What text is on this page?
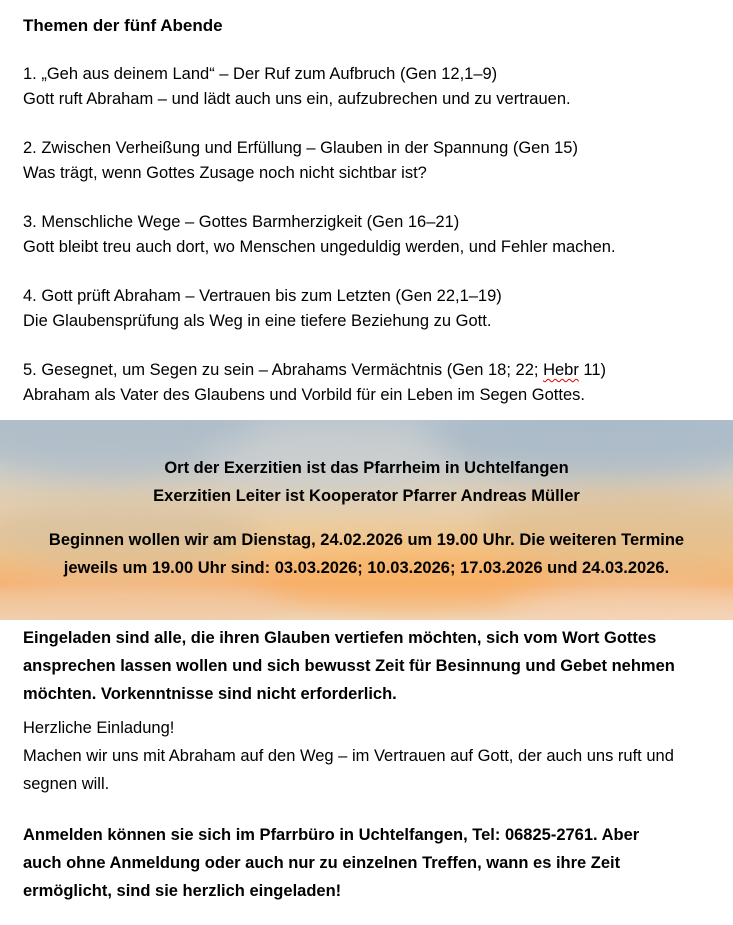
Themen der fünf Abende
1. „Geh aus deinem Land“ – Der Ruf zum Aufbruch (Gen 12,1–9)
Gott ruft Abraham – und lädt auch uns ein, aufzubrechen und zu vertrauen.
2. Zwischen Verheißung und Erfüllung – Glauben in der Spannung (Gen 15)
Was trägt, wenn Gottes Zusage noch nicht sichtbar ist?
3. Menschliche Wege – Gottes Barmherzigkeit (Gen 16–21)
Gott bleibt treu auch dort, wo Menschen ungeduldig werden, und Fehler machen.
4. Gott prüft Abraham – Vertrauen bis zum Letzten (Gen 22,1–19)
Die Glaubensprüfung als Weg in eine tiefere Beziehung zu Gott.
5. Gesegnet, um Segen zu sein – Abrahams Vermächtnis (Gen 18; 22; Hebr 11)
Abraham als Vater des Glaubens und Vorbild für ein Leben im Segen Gottes.
Ort der Exerzitien ist das Pfarrheim in Uchtelfangen
Exerzitien Leiter ist Kooperator Pfarrer Andreas Müller
Beginnen wollen wir am Dienstag, 24.02.2026 um 19.00 Uhr. Die weiteren Termine
jeweils um 19.00 Uhr sind: 03.03.2026; 10.03.2026; 17.03.2026 und 24.03.2026.
Eingeladen sind alle, die ihren Glauben vertiefen möchten, sich vom Wort Gottes
ansprechen lassen wollen und sich bewusst Zeit für Besinnung und Gebet nehmen
möchten. Vorkenntnisse sind nicht erforderlich.
Herzliche Einladung!
Machen wir uns mit Abraham auf den Weg – im Vertrauen auf Gott, der auch uns ruft und
segnen will.
Anmelden können sie sich im Pfarrbüro in Uchtelfangen, Tel: 06825-2761. Aber
auch ohne Anmeldung oder auch nur zu einzelnen Treffen, wann es ihre Zeit
ermöglicht, sind sie herzlich eingeladen!
